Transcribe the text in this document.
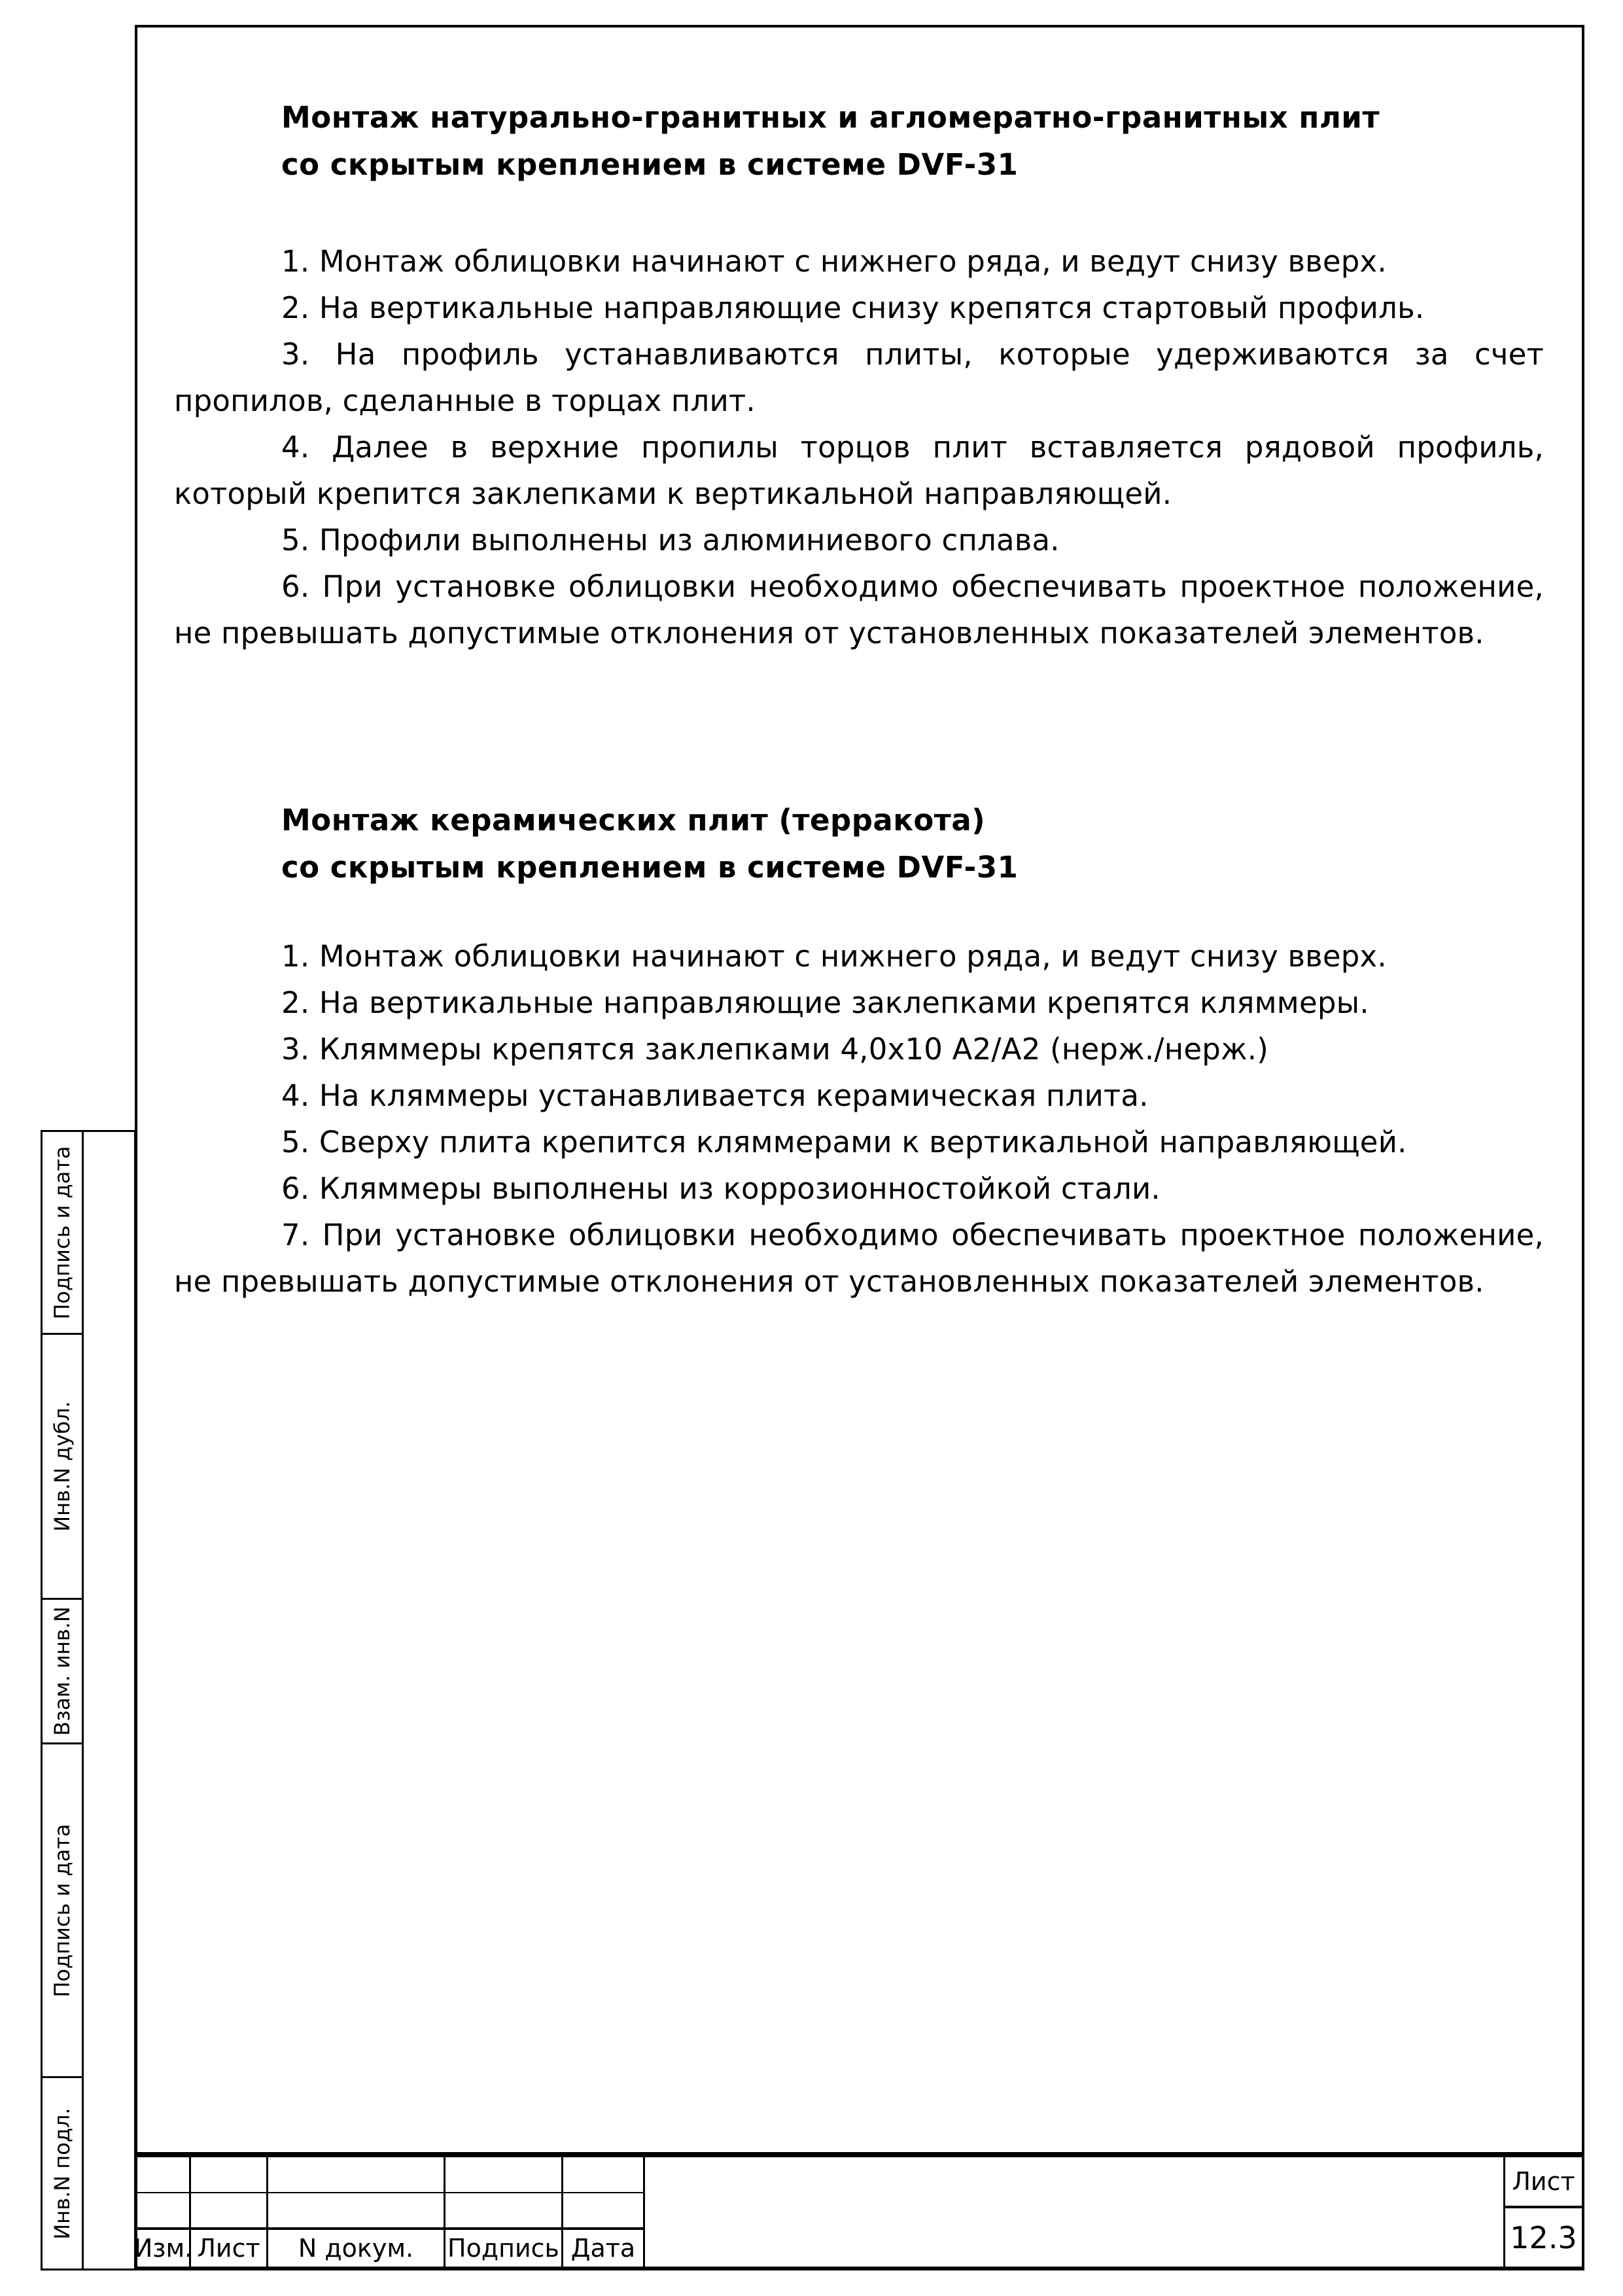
Монтаж натурально-гранитных и агломератно-гранитных плит
со скрытым креплением в системе DVF-31

1. Монтаж облицовки начинают с нижнего ряда, и ведут снизу вверх.

2. На вертикальные направляющие снизу крепятся стартовый профиль.

3. На профиль устанавливаются плиты, которые удерживаются за счет пропилов, сделанные в торцах плит.

4. Далее в верхние пропилы торцов плит вставляется рядовой профиль, который крепится заклепками к вертикальной направляющей.

5. Профили выполнены из алюминиевого сплава.

6. При установке облицовки необходимо обеспечивать проектное положение, не превышать допустимые отклонения от установленных показателей элементов.

Монтаж керамических плит (терракота)
со скрытым креплением в системе DVF-31

1. Монтаж облицовки начинают с нижнего ряда, и ведут снизу вверх.

2. На вертикальные направляющие заклепками крепятся кляммеры.

3. Кляммеры крепятся заклепками 4,0х10 А2/А2 (нерж./нерж.)

4. На кляммеры устанавливается керамическая плита.

5. Сверху плита крепится кляммерами к вертикальной направляющей.

6. Кляммеры выполнены из коррозионностойкой стали.

7. При установке облицовки необходимо обеспечивать проектное положение, не превышать допустимые отклонения от установленных показателей элементов.

Подпись и дата
Инв.N дубл.
Взам. инв.N
Подпись и дата
Инв.N подл.
Изм. Лист	N докум.	Подпись Дата
Лист
12.3
